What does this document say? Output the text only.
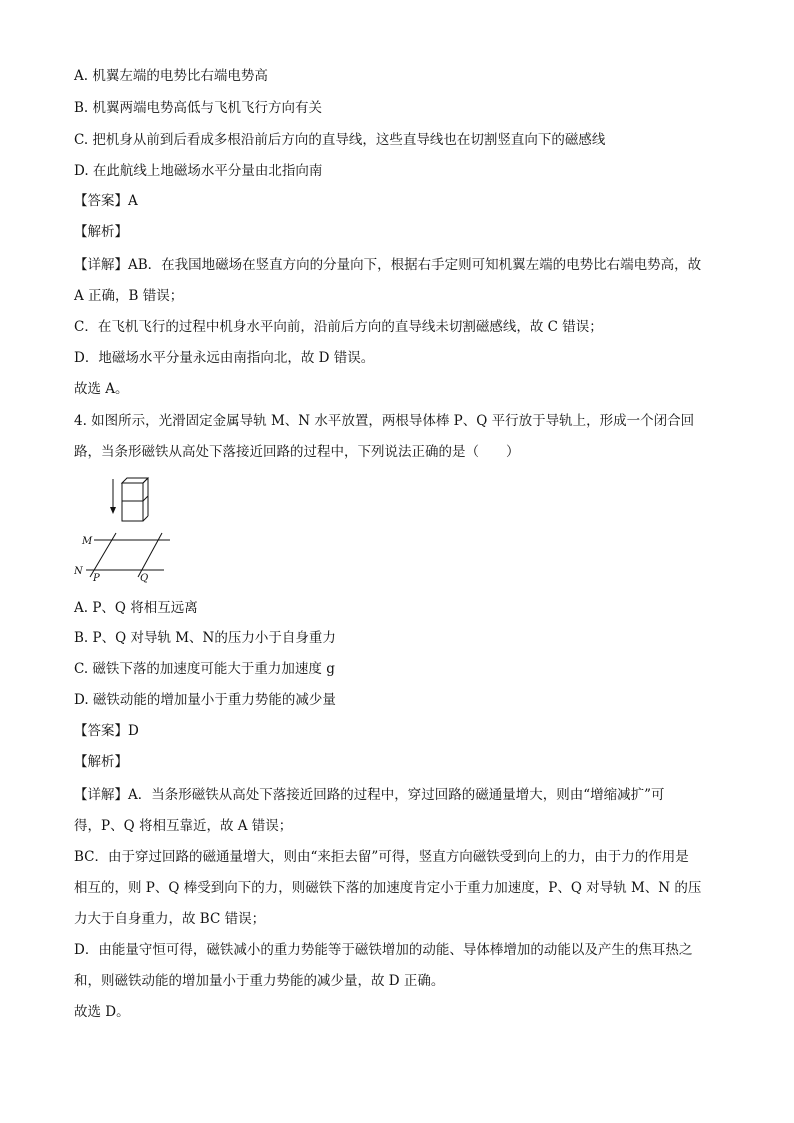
A. 机翼左端的电势比右端电势高
B. 机翼两端电势高低与飞机飞行方向有关
C. 把机身从前到后看成多根沿前后方向的直导线，这些直导线也在切割竖直向下的磁感线
D. 在此航线上地磁场水平分量由北指向南
【答案】A
【解析】
【详解】AB．在我国地磁场在竖直方向的分量向下，根据右手定则可知机翼左端的电势比右端电势高，故
A 正确，B 错误；
C．在飞机飞行的过程中机身水平向前，沿前后方向的直导线未切割磁感线，故 C 错误；
D．地磁场水平分量永远由南指向北，故 D 错误。
故选 A。
4. 如图所示，光滑固定金属导轨 M、N 水平放置，两根导体棒 P、Q 平行放于导轨上，形成一个闭合回
路，当条形磁铁从高处下落接近回路的过程中，下列说法正确的是（　　）
M
N
P	Q
A. P、Q 将相互远离
B. P、Q 对导轨 M、N的压力小于自身重力
C. 磁铁下落的加速度可能大于重力加速度 g
D. 磁铁动能的增加量小于重力势能的减少量
【答案】D
【解析】
【详解】A．当条形磁铁从高处下落接近回路的过程中，穿过回路的磁通量增大，则由“增缩减扩”可
得，P、Q 将相互靠近，故 A 错误；
BC．由于穿过回路的磁通量增大，则由“来拒去留”可得，竖直方向磁铁受到向上的力，由于力的作用是
相互的，则 P、Q 棒受到向下的力，则磁铁下落的加速度肯定小于重力加速度，P、Q 对导轨 M、N 的压
力大于自身重力，故 BC 错误；
D．由能量守恒可得，磁铁减小的重力势能等于磁铁增加的动能、导体棒增加的动能以及产生的焦耳热之
和，则磁铁动能的增加量小于重力势能的减少量，故 D 正确。
故选 D。
